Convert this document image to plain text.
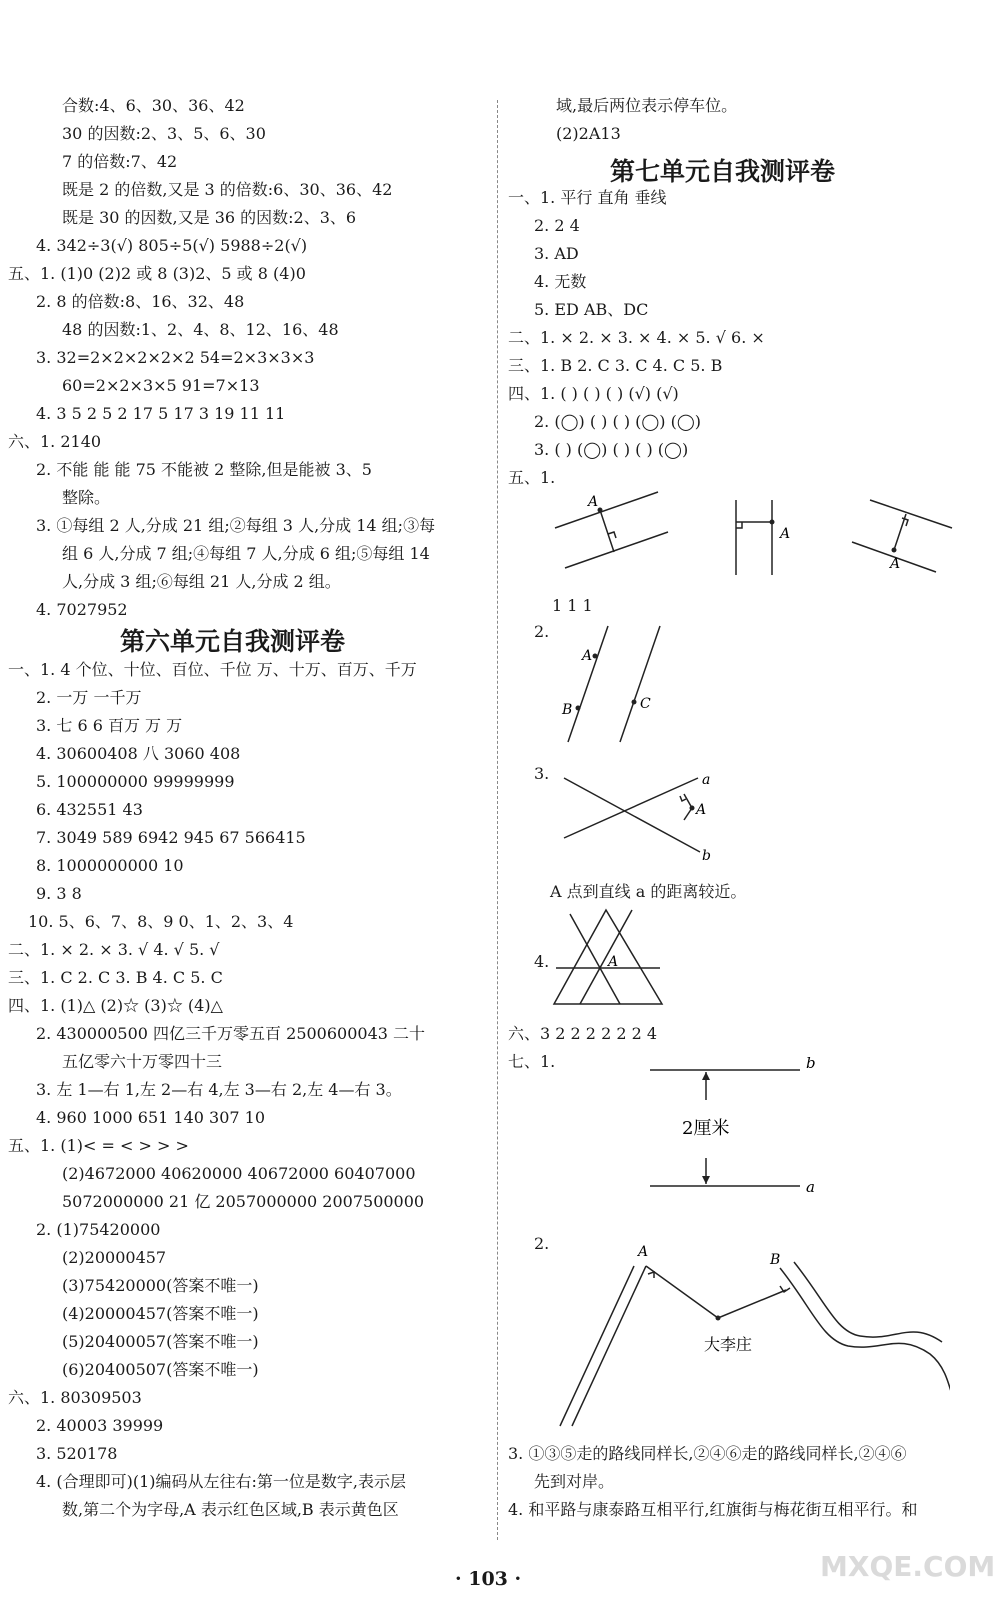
合数:4、6、30、36、42
30 的因数:2、3、5、6、30
7 的倍数:7、42
既是 2 的倍数,又是 3 的倍数:6、30、36、42
既是 30 的因数,又是 36 的因数:2、3、6
4. 342÷3(√) 805÷5(√) 5988÷2(√)
五、1. (1)0 (2)2 或 8 (3)2、5 或 8 (4)0
2. 8 的倍数:8、16、32、48
48 的因数:1、2、4、8、12、16、48
3. 32=2×2×2×2×2 54=2×3×3×3
60=2×2×3×5 91=7×13
4. 3 5 2 5 2 17 5 17 3 19 11 11
六、1. 2140
2. 不能 能 能 75 不能被 2 整除,但是能被 3、5
整除。
3. ①每组 2 人,分成 21 组;②每组 3 人,分成 14 组;③每
组 6 人,分成 7 组;④每组 7 人,分成 6 组;⑤每组 14
人,分成 3 组;⑥每组 21 人,分成 2 组。
4. 7027952
第六单元自我测评卷
一、1. 4 个位、十位、百位、千位 万、十万、百万、千万
2. 一万 一千万
3. 七 6 6 百万 万 万
4. 30600408 八 3060 408
5. 100000000 99999999
6. 432551 43
7. 3049 589 6942 945 67 566415
8. 1000000000 10
9. 3 8
10. 5、6、7、8、9 0、1、2、3、4
二、1. × 2. × 3. √ 4. √ 5. √
三、1. C 2. C 3. B 4. C 5. C
四、1. (1)△ (2)☆ (3)☆ (4)△
2. 430000500 四亿三千万零五百 2500600043 二十
五亿零六十万零四十三
3. 左 1—右 1,左 2—右 4,左 3—右 2,左 4—右 3。
4. 960 1000 651 140 307 10
五、1. (1)< = < > > >
(2)4672000 40620000 40672000 60407000
5072000000 21 亿 2057000000 2007500000
2. (1)75420000
(2)20000457
(3)75420000(答案不唯一)
(4)20000457(答案不唯一)
(5)20400057(答案不唯一)
(6)20400507(答案不唯一)
六、1. 80309503
2. 40003 39999
3. 520178
4. (合理即可)(1)编码从左往右:第一位是数字,表示层
数,第二个为字母,A 表示红色区域,B 表示黄色区
域,最后两位表示停车位。
(2)2A13
第七单元自我测评卷
一、1. 平行 直角 垂线
2. 2 4
3. AD
4. 无数
5. ED AB、DC
二、1. × 2. × 3. × 4. × 5. √ 6. ×
三、1. B 2. C 3. C 4. C 5. B
四、1. ( ) ( ) ( ) (√) (√)
2. (◯) ( ) ( ) (◯) (◯)
3. ( ) (◯) ( ) ( ) (◯)
五、1.
A
A
A
1 1 1
2.
A
B	C
3.	a
A
b
A 点到直线 a 的距离较近。
4.	A
六、3 2 2 2 2 2 2 4
七、1.	b
a
2厘米
2.	A	B
大李庄
3. ①③⑤走的路线同样长,②④⑥走的路线同样长,②④⑥
先到对岸。
4. 和平路与康泰路互相平行,红旗街与梅花街互相平行。和
· 103 ·	MXQE.COM
